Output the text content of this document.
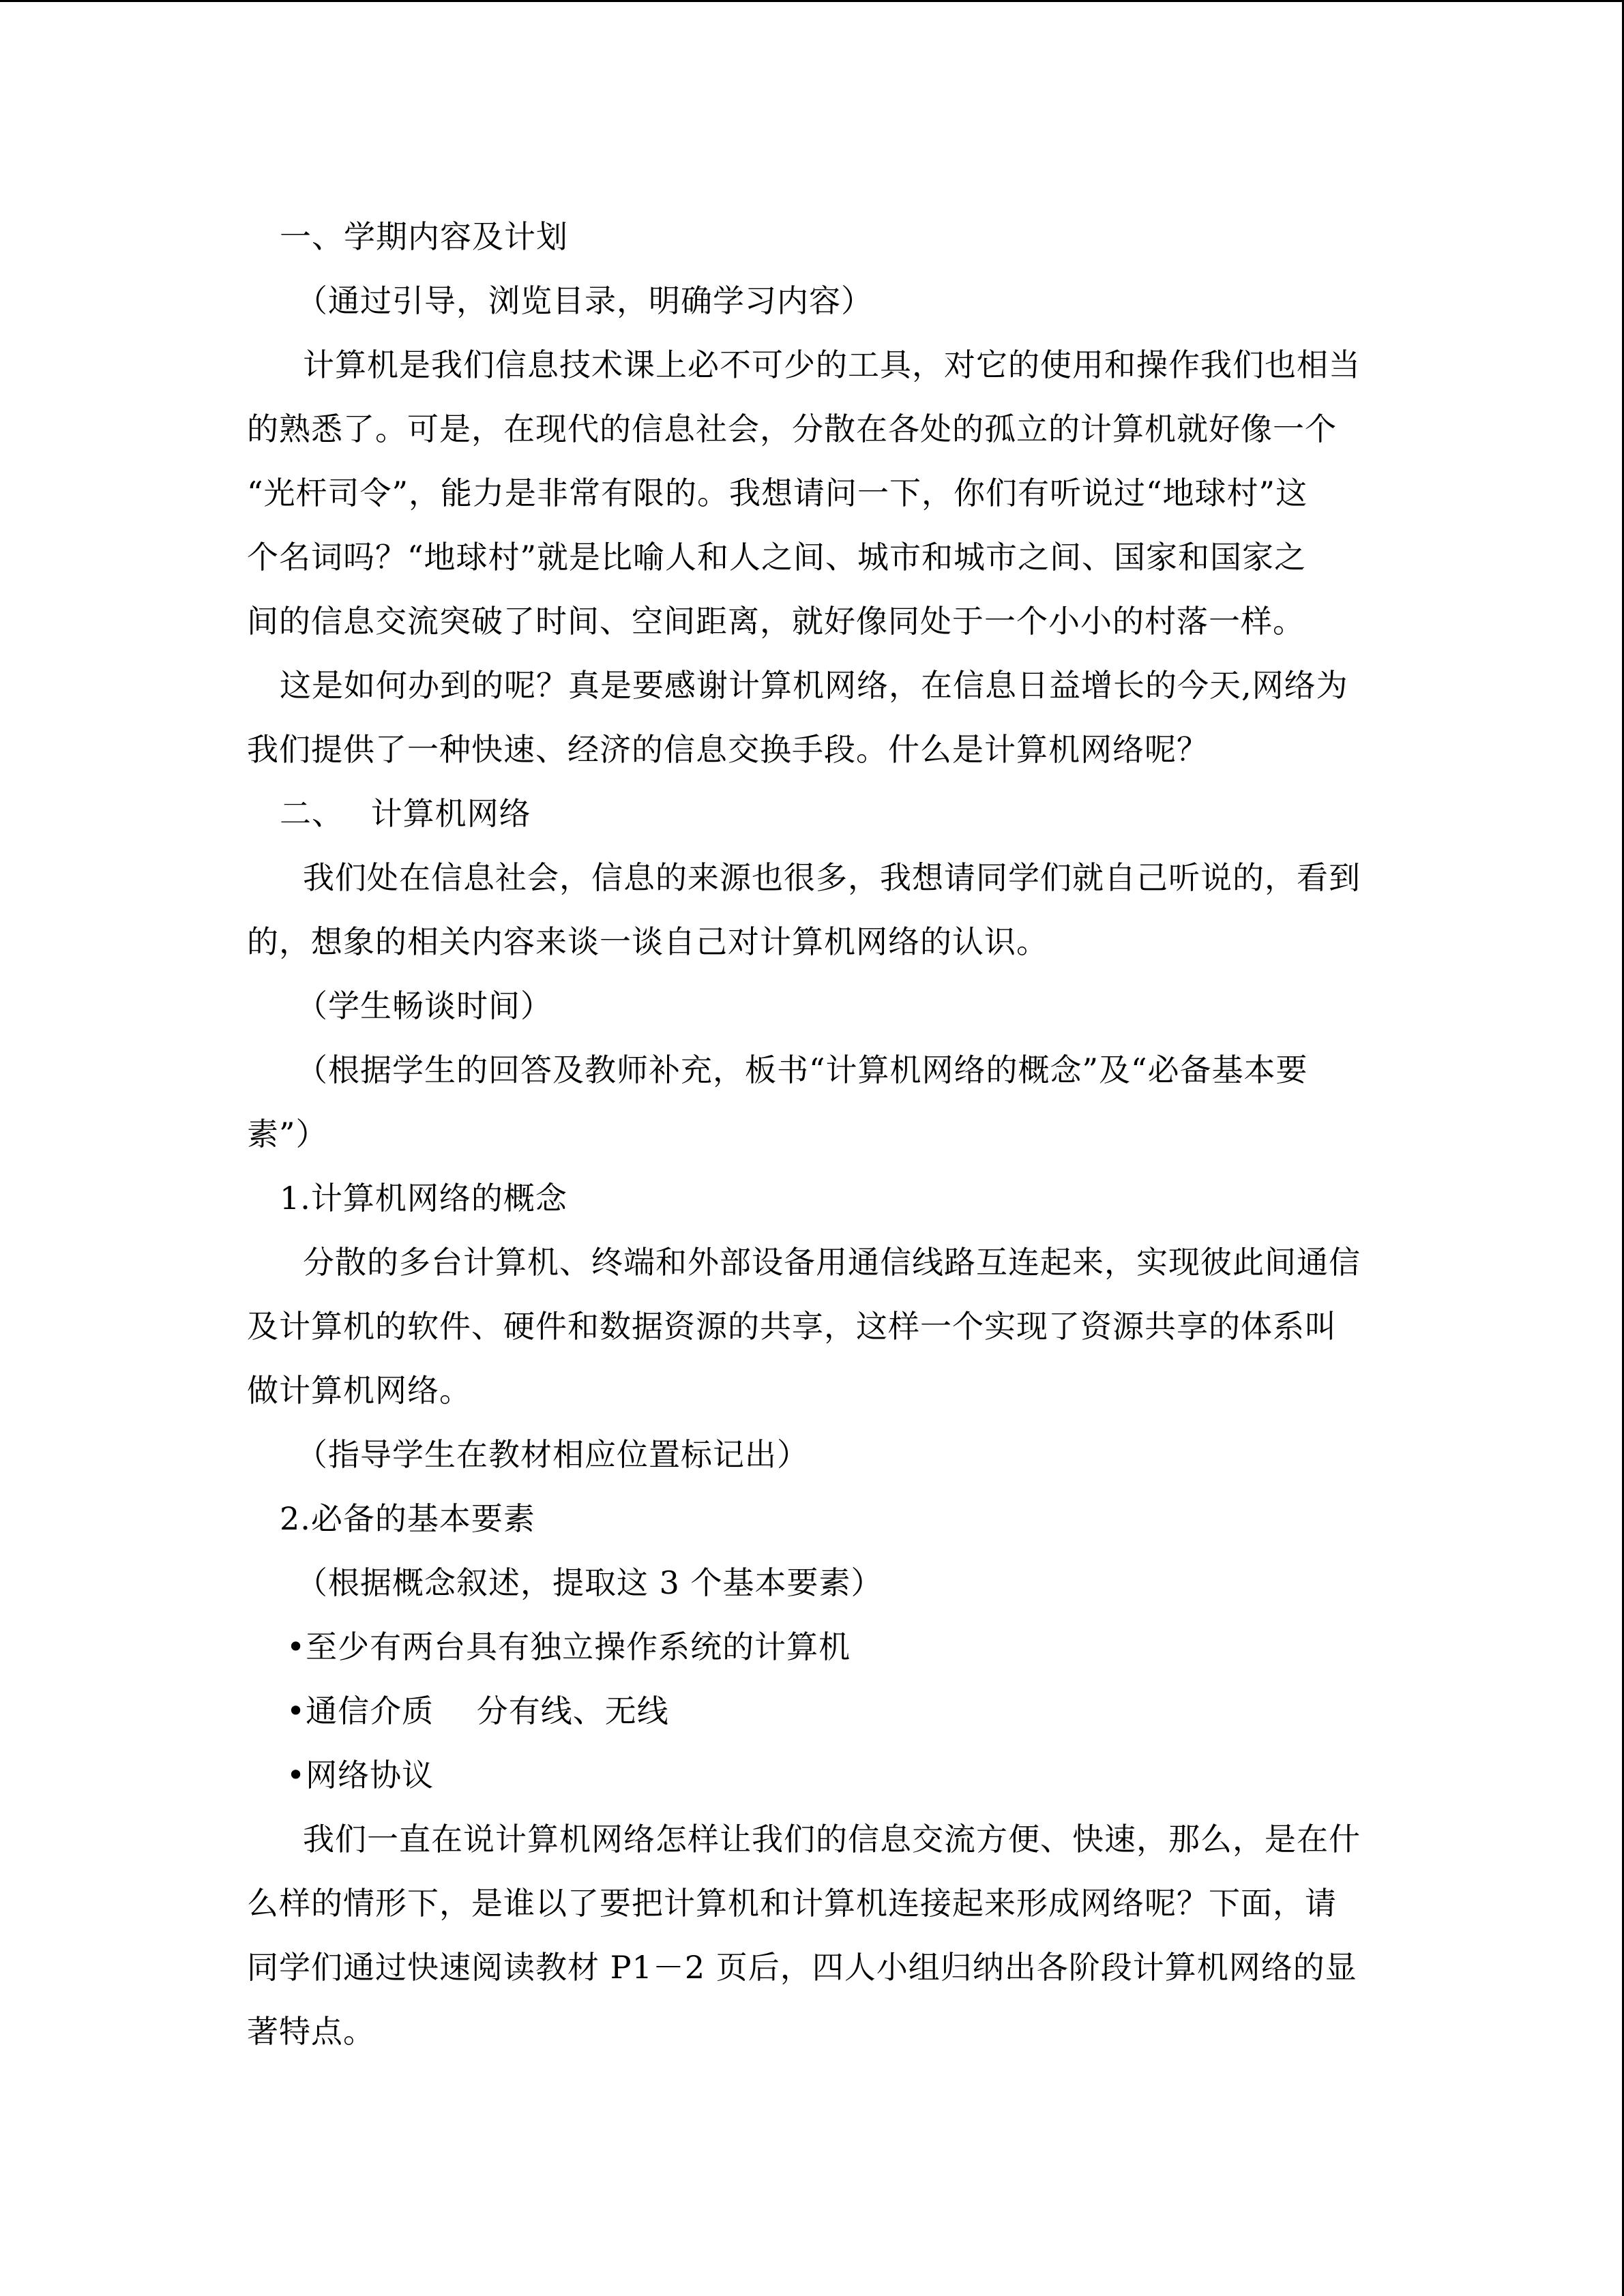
一、学期内容及计划
（通过引导，浏览目录，明确学习内容）
计算机是我们信息技术课上必不可少的工具，对它的使用和操作我们也相当
的熟悉了。可是，在现代的信息社会，分散在各处的孤立的计算机就好像一个
“光杆司令”，能力是非常有限的。我想请问一下，你们有听说过“地球村”这
个名词吗？“地球村”就是比喻人和人之间、城市和城市之间、国家和国家之
间的信息交流突破了时间、空间距离，就好像同处于一个小小的村落一样。
这是如何办到的呢？真是要感谢计算机网络，在信息日益增长的今天,网络为
我们提供了一种快速、经济的信息交换手段。什么是计算机网络呢？
二、　 计算机网络
我们处在信息社会，信息的来源也很多，我想请同学们就自己听说的，看到
的，想象的相关内容来谈一谈自己对计算机网络的认识。
（学生畅谈时间）
（根据学生的回答及教师补充，板书“计算机网络的概念”及“必备基本要
素”）
1.计算机网络的概念
分散的多台计算机、终端和外部设备用通信线路互连起来，实现彼此间通信
及计算机的软件、硬件和数据资源的共享，这样一个实现了资源共享的体系叫
做计算机网络。
（指导学生在教材相应位置标记出）
2.必备的基本要素
（根据概念叙述，提取这 3 个基本要素）
•至少有两台具有独立操作系统的计算机
•通信介质　 分有线、无线
•网络协议
我们一直在说计算机网络怎样让我们的信息交流方便、快速，那么，是在什
么样的情形下，是谁以了要把计算机和计算机连接起来形成网络呢？下面，请
同学们通过快速阅读教材 P1－2 页后，四人小组归纳出各阶段计算机网络的显
著特点。
